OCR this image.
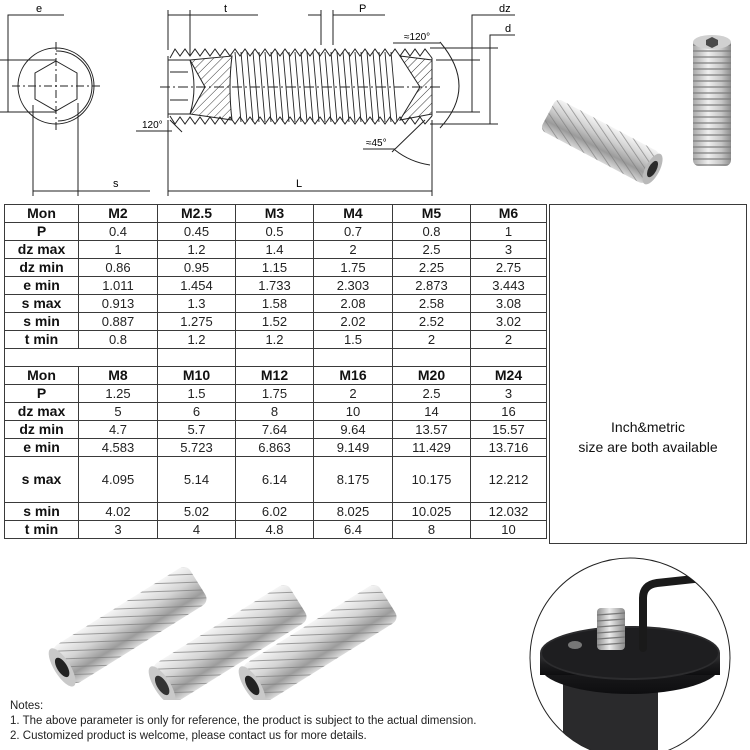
e
s
t	P
L
dz
d
≈120°
120°
≈45°
Mon	M2	M2.5	M3	M4	M5	M6
P	0.4	0.45	0.5	0.7	0.8	1
dz max	1	1.2	1.4	2	2.5	3
dz min	0.86	0.95	1.15	1.75	2.25	2.75
e min	1.011	1.454	1.733	2.303	2.873	3.443
s max	0.913	1.3	1.58	2.08	2.58	3.08
s min	0.887	1.275	1.52	2.02	2.52	3.02
t min	0.8	1.2	1.2	1.5	2	2

Mon	M8	M10	M12	M16	M20	M24
P	1.25	1.5	1.75	2	2.5	3
dz max	5	6	8	10	14	16
dz min	4.7	5.7	7.64	9.64	13.57	15.57
e min	4.583	5.723	6.863	9.149	11.429	13.716
s max	4.095	5.14	6.14	8.175	10.175	12.212
s min	4.02	5.02	6.02	8.025	10.025	12.032
t min	3	4	4.8	6.4	8	10
Inch&metric
size are both available
Notes:
1. The above parameter is only for reference, the product is subject to the actual dimension.
2. Customized product is welcome, please contact us for more details.
